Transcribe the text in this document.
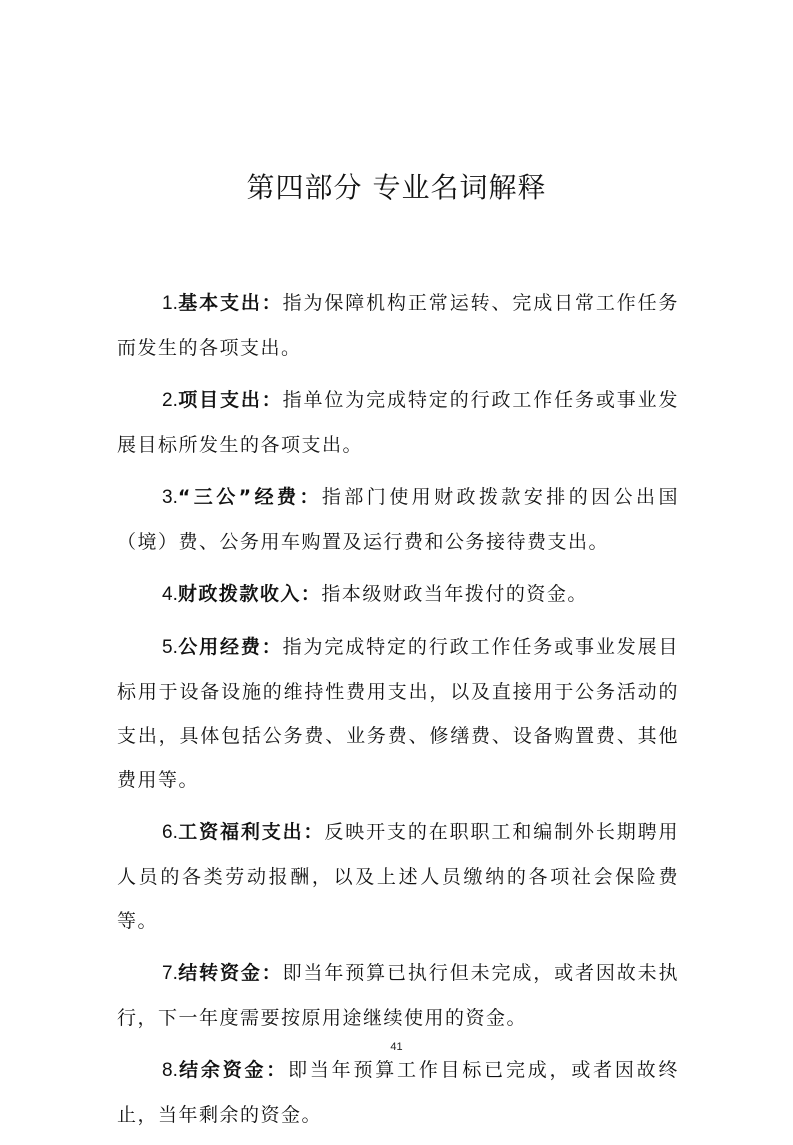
第四部分 专业名词解释

1.基本支出：指为保障机构正常运转、完成日常工作任务而发生的各项支出。

2.项目支出：指单位为完成特定的行政工作任务或事业发展目标所发生的各项支出。

3.“三公”经费：指部门使用财政拨款安排的因公出国（境）费、公务用车购置及运行费和公务接待费支出。

4.财政拨款收入：指本级财政当年拨付的资金。

5.公用经费：指为完成特定的行政工作任务或事业发展目标用于设备设施的维持性费用支出，以及直接用于公务活动的支出，具体包括公务费、业务费、修缮费、设备购置费、其他费用等。

6.工资福利支出：反映开支的在职职工和编制外长期聘用人员的各类劳动报酬，以及上述人员缴纳的各项社会保险费等。

7.结转资金：即当年预算已执行但未完成，或者因故未执行，下一年度需要按原用途继续使用的资金。

8.结余资金：即当年预算工作目标已完成，或者因故终止，当年剩余的资金。

41
